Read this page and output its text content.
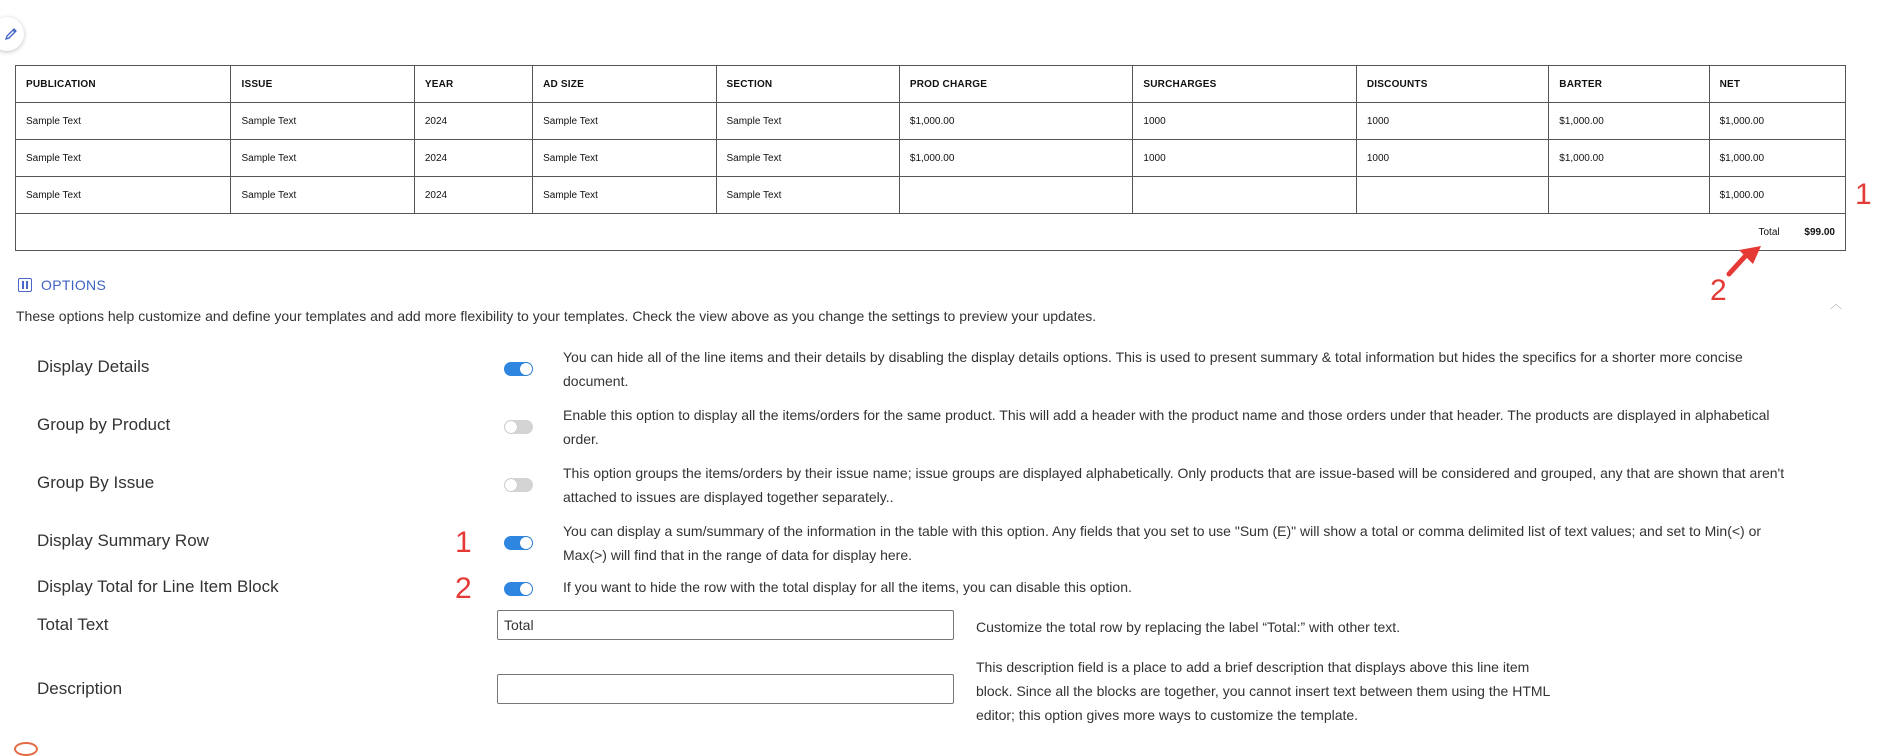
PUBLICATION	ISSUE	YEAR	AD SIZE	SECTION	PROD CHARGE	SURCHARGES	DISCOUNTS	BARTER	NET
Sample Text	Sample Text	2024	Sample Text	Sample Text	$1,000.00	1000	1000	$1,000.00	$1,000.00
Sample Text	Sample Text	2024	Sample Text	Sample Text	$1,000.00	1000	1000	$1,000.00	$1,000.00
Sample Text	Sample Text	2024	Sample Text	Sample Text					$1,000.00
Total $99.00									
1
2
OPTIONS
︿
These options help customize and define your templates and add more flexibility to your templates. Check the view above as you change the settings to preview your updates.
Display Details	You can hide all of the line items and their details by disabling the display details options. This is used to present summary & total information but hides the specifics for a shorter more concise document.
Group by Product	Enable this option to display all the items/orders for the same product. This will add a header with the product name and those orders under that header. The products are displayed in alphabetical order.
Group By Issue	This option groups the items/orders by their issue name; issue groups are displayed alphabetically. Only products that are issue-based will be considered and grouped, any that are shown that aren't attached to issues are displayed together separately..
Display Summary Row	1	You can display a sum/summary of the information in the table with this option. Any fields that you set to use "Sum (E)" will show a total or comma delimited list of text values; and set to Min(<) or Max(>) will find that in the range of data for display here.
Display Total for Line Item Block	2	If you want to hide the row with the total display for all the items, you can disable this option.
Total Text
Total	Customize the total row by replacing the label “Total:” with other text.
Description
This description field is a place to add a brief description that displays above this line item
block. Since all the blocks are together, you cannot insert text between them using the HTML
editor; this option gives more ways to customize the template.
